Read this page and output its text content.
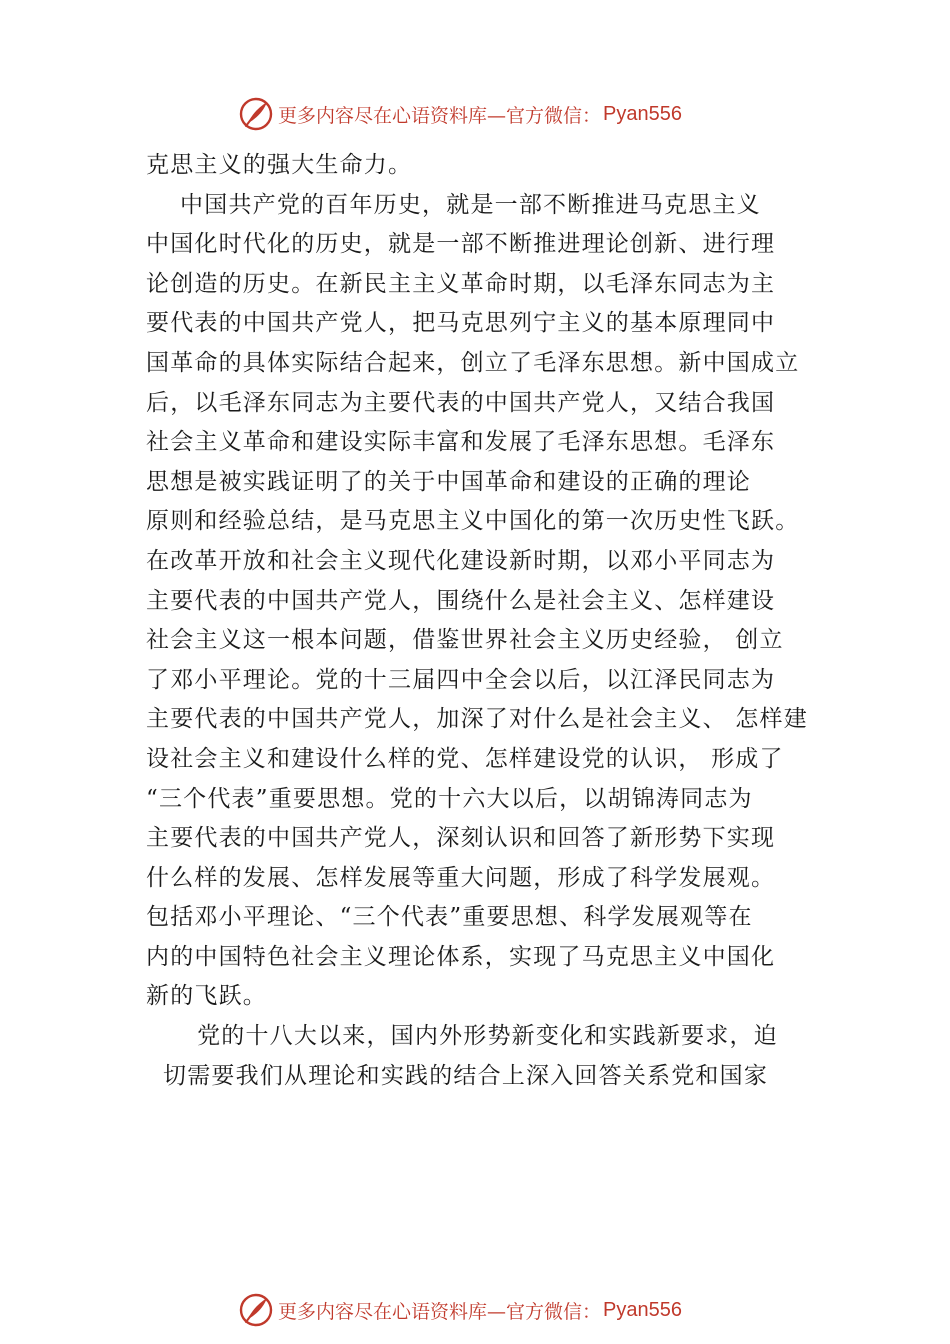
更多内容尽在心语资料库—官方微信： Pyan556
克思主义的强大生命力。
中国共产党的百年历史，就是一部不断推进马克思主义
中国化时代化的历史，就是一部不断推进理论创新、进行理
论创造的历史。在新民主主义革命时期，以毛泽东同志为主
要代表的中国共产党人，把马克思列宁主义的基本原理同中
国革命的具体实际结合起来，创立了毛泽东思想。新中国成立
后，以毛泽东同志为主要代表的中国共产党人，又结合我国
社会主义革命和建设实际丰富和发展了毛泽东思想。毛泽东
思想是被实践证明了的关于中国革命和建设的正确的理论
原则和经验总结，是马克思主义中国化的第一次历史性飞跃。
在改革开放和社会主义现代化建设新时期，以邓小平同志为
主要代表的中国共产党人，围绕什么是社会主义、怎样建设
社会主义这一根本问题，借鉴世界社会主义历史经验， 创立
了邓小平理论。党的十三届四中全会以后，以江泽民同志为
主要代表的中国共产党人，加深了对什么是社会主义、 怎样建
设社会主义和建设什么样的党、怎样建设党的认识， 形成了
“三个代表”重要思想。党的十六大以后，以胡锦涛同志为
主要代表的中国共产党人，深刻认识和回答了新形势下实现
什么样的发展、怎样发展等重大问题，形成了科学发展观。
包括邓小平理论、“三个代表”重要思想、科学发展观等在
内的中国特色社会主义理论体系，实现了马克思主义中国化
新的飞跃。
党的十八大以来，国内外形势新变化和实践新要求，迫
切需要我们从理论和实践的结合上深入回答关系党和国家
更多内容尽在心语资料库—官方微信： Pyan556
